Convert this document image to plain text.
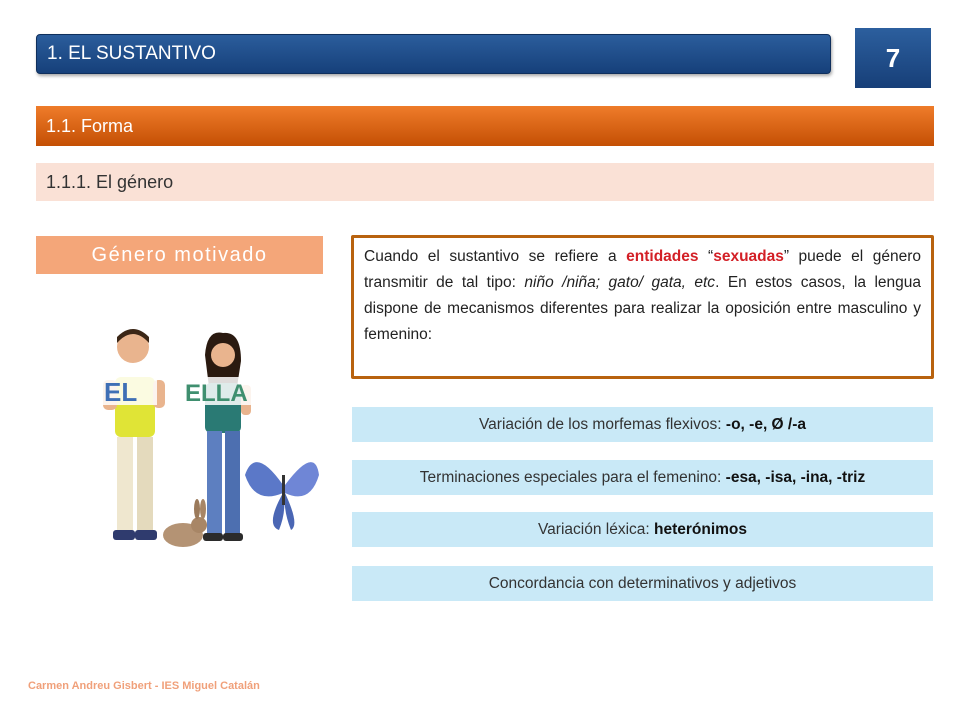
1. EL SUSTANTIVO	7
1.1. Forma
1.1.1. El género
Género motivado	Cuando el sustantivo se refiere a entidades “sexuadas” puede el género transmitir de tal tipo: niño /niña; gato/ gata, etc. En estos casos, la lengua dispone de mecanismos diferentes para realizar la oposición entre masculino y femenino:
Variación de los morfemas flexivos: -o, -e, Ø /-a
Terminaciones especiales para el femenino: -esa, -isa, -ina, -triz
Variación léxica: heterónimos
Concordancia con determinativos y adjetivos
EL ELLA
Carmen Andreu Gisbert - IES Miguel Catalán
